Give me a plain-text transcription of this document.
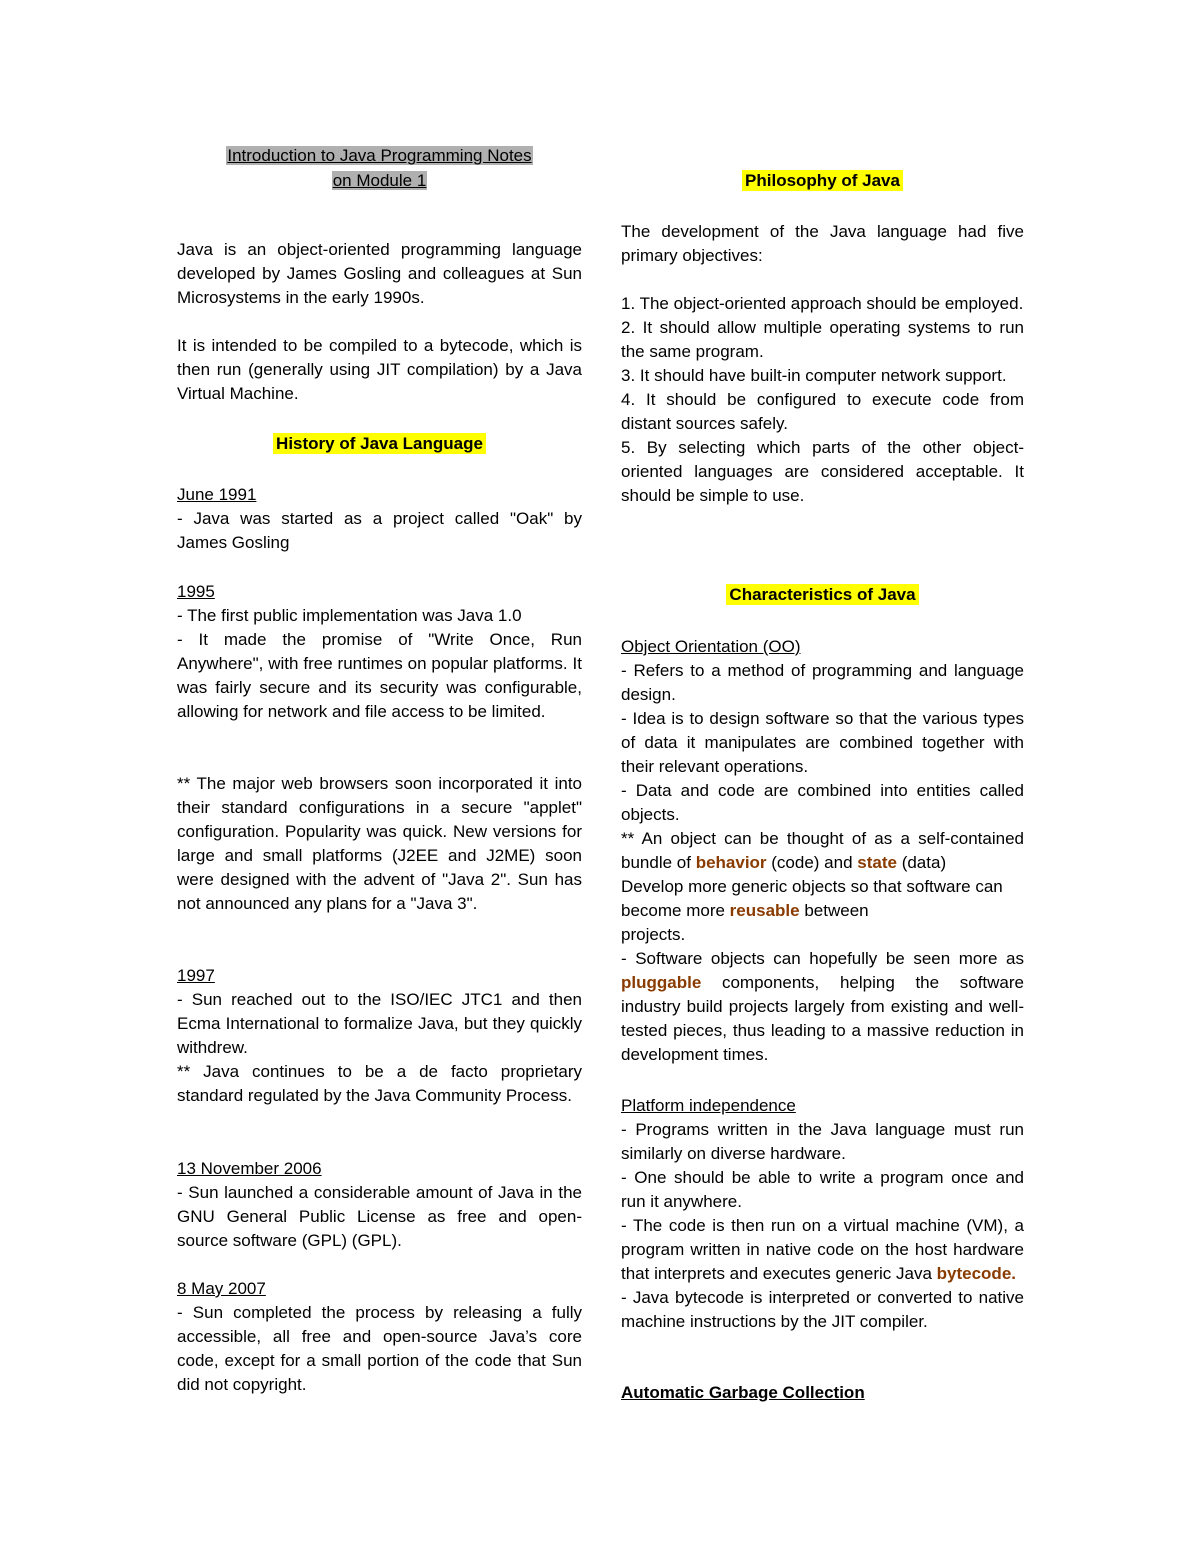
Introduction to Java Programming Notes
on Module 1

Java is an object-oriented programming language developed by James Gosling and colleagues at Sun Microsystems in the early 1990s.

It is intended to be compiled to a bytecode, which is then run (generally using JIT compilation) by a Java Virtual Machine.

History of Java Language
June 1991
- Java was started as a project called "Oak" by James Gosling
1995
- The first public implementation was Java 1.0
- It made the promise of "Write Once, Run Anywhere", with free runtimes on popular platforms. It was fairly secure and its security was configurable, allowing for network and file access to be limited.
** The major web browsers soon incorporated it into their standard configurations in a secure "applet" configuration. Popularity was quick. New versions for large and small platforms (J2EE and J2ME) soon were designed with the advent of "Java 2". Sun has not announced any plans for a "Java 3".
1997
- Sun reached out to the ISO/IEC JTC1 and then Ecma International to formalize Java, but they quickly withdrew.
** Java continues to be a de facto proprietary standard regulated by the Java Community Process.
13 November 2006
- Sun launched a considerable amount of Java in the GNU General Public License as free and open-source software (GPL) (GPL).
8 May 2007
- Sun completed the process by releasing a fully accessible, all free and open-source Java’s core code, except for a small portion of the code that Sun did not copyright.
Philosophy of Java

The development of the Java language had five primary objectives:

1. The object-oriented approach should be employed.
2. It should allow multiple operating systems to run the same program.
3. It should have built-in computer network support.
4. It should be configured to execute code from distant sources safely.
5. By selecting which parts of the other object-oriented languages are considered acceptable. It should be simple to use.
Characteristics of Java
Object Orientation (OO)
- Refers to a method of programming and language design.
- Idea is to design software so that the various types of data it manipulates are combined together with their relevant operations.
- Data and code are combined into entities called objects.
** An object can be thought of as a self-contained bundle of behavior (code) and state (data)
Develop more generic objects so that software can become more reusable between
projects.
- Software objects can hopefully be seen more as pluggable components, helping the software industry build projects largely from existing and well-tested pieces, thus leading to a massive reduction in development times.
Platform independence
- Programs written in the Java language must run similarly on diverse hardware.
- One should be able to write a program once and run it anywhere.
- The code is then run on a virtual machine (VM), a program written in native code on the host hardware that interprets and executes generic Java bytecode.
- Java bytecode is interpreted or converted to native machine instructions by the JIT compiler.
Automatic Garbage Collection
